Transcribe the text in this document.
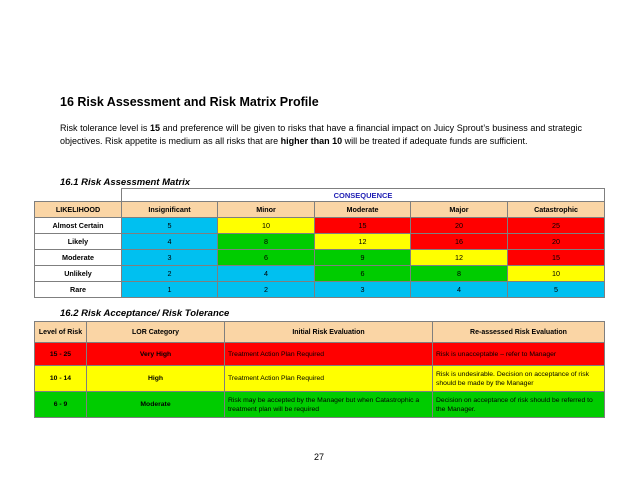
16 Risk Assessment and Risk Matrix Profile
Risk tolerance level is 15 and preference will be given to risks that have a financial impact on Juicy Sprout’s business and strategic objectives. Risk appetite is medium as all risks that are higher than 10 will be treated if adequate funds are sufficient.
16.1 Risk Assessment Matrix
	CONSEQUENCE				
LIKELIHOOD	Insignificant	Minor	Moderate	Major	Catastrophic
Almost Certain	5	10	15	20	25
Likely	4	8	12	16	20
Moderate	3	6	9	12	15
Unlikely	2	4	6	8	10
Rare	1	2	3	4	5
16.2 Risk Acceptance/ Risk Tolerance
Level of Risk	LOR Category	Initial Risk Evaluation	Re-assessed Risk Evaluation
15 - 25	Very High	Treatment Action Plan Required	Risk is unacceptable – refer to Manager
10 - 14	High	Treatment Action Plan Required	Risk is undesirable. Decision on acceptance of risk should be made by the Manager
6 - 9	Moderate	Risk may be accepted by the Manager but when Catastrophic a treatment plan will be required	Decision on acceptance of risk should be referred to the Manager.
27
